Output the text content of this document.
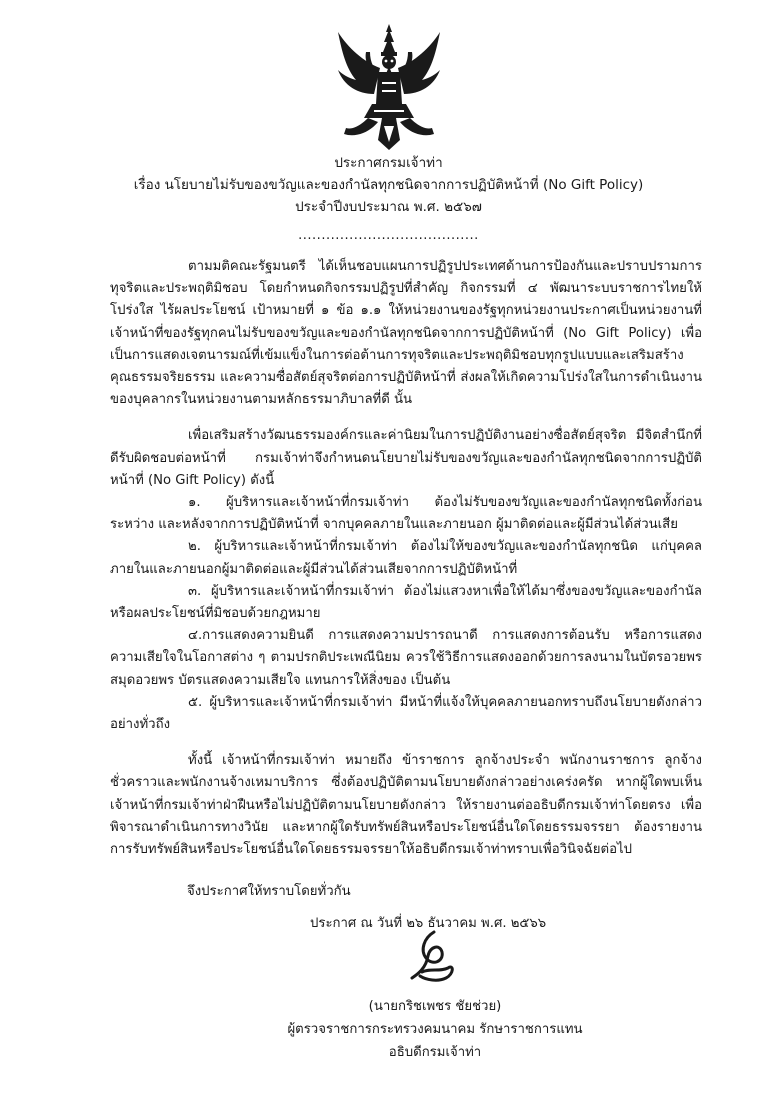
ประกาศกรมเจ้าท่า
เรื่อง นโยบายไม่รับของขวัญและของกำนัลทุกชนิดจากการปฏิบัติหน้าที่ (No Gift Policy)
ประจำปีงบประมาณ พ.ศ. ๒๕๖๗
.......................................

ตามมติคณะรัฐมนตรี ได้เห็นชอบแผนการปฏิรูปประเทศด้านการป้องกันและปราบปรามการทุจริตและประพฤติมิชอบ โดยกำหนดกิจกรรมปฏิรูปที่สำคัญ กิจกรรมที่ ๔ พัฒนาระบบราชการไทยให้โปร่งใส ไร้ผลประโยชน์ เป้าหมายที่ ๑ ข้อ ๑.๑ ให้หน่วยงานของรัฐทุกหน่วยงานประกาศเป็นหน่วยงานที่เจ้าหน้าที่ของรัฐทุกคนไม่รับของขวัญและของกำนัลทุกชนิดจากการปฏิบัติหน้าที่ (No Gift Policy) เพื่อเป็นการแสดงเจตนารมณ์ที่เข้มแข็งในการต่อต้านการทุจริตและประพฤติมิชอบทุกรูปแบบและเสริมสร้างคุณธรรมจริยธรรม และความซื่อสัตย์สุจริตต่อการปฏิบัติหน้าที่ ส่งผลให้เกิดความโปร่งใสในการดำเนินงานของบุคลากรในหน่วยงานตามหลักธรรมาภิบาลที่ดี นั้น

เพื่อเสริมสร้างวัฒนธรรมองค์กรและค่านิยมในการปฏิบัติงานอย่างซื่อสัตย์สุจริต มีจิตสำนึกที่ดีรับผิดชอบต่อหน้าที่ กรมเจ้าท่าจึงกำหนดนโยบายไม่รับของขวัญและของกำนัลทุกชนิดจากการปฏิบัติหน้าที่ (No Gift Policy) ดังนี้

๑. ผู้บริหารและเจ้าหน้าที่กรมเจ้าท่า ต้องไม่รับของขวัญและของกำนัลทุกชนิดทั้งก่อน ระหว่าง และหลังจากการปฏิบัติหน้าที่ จากบุคคลภายในและภายนอก ผู้มาติดต่อและผู้มีส่วนได้ส่วนเสีย

๒. ผู้บริหารและเจ้าหน้าที่กรมเจ้าท่า ต้องไม่ให้ของขวัญและของกำนัลทุกชนิด แก่บุคคลภายในและภายนอกผู้มาติดต่อและผู้มีส่วนได้ส่วนเสียจากการปฏิบัติหน้าที่

๓. ผู้บริหารและเจ้าหน้าที่กรมเจ้าท่า ต้องไม่แสวงหาเพื่อให้ได้มาซึ่งของขวัญและของกำนัลหรือผลประโยชน์ที่มิชอบด้วยกฎหมาย

๔.การแสดงความยินดี การแสดงความปรารถนาดี การแสดงการต้อนรับ หรือการแสดงความเสียใจในโอกาสต่าง ๆ ตามปรกติประเพณีนิยม ควรใช้วิธีการแสดงออกด้วยการลงนามในบัตรอวยพรสมุดอวยพร บัตรแสดงความเสียใจ แทนการให้สิ่งของ เป็นต้น

๕. ผู้บริหารและเจ้าหน้าที่กรมเจ้าท่า มีหน้าที่แจ้งให้บุคคลภายนอกทราบถึงนโยบายดังกล่าวอย่างทั่วถึง

ทั้งนี้ เจ้าหน้าที่กรมเจ้าท่า หมายถึง ข้าราชการ ลูกจ้างประจำ พนักงานราชการ ลูกจ้างชั่วคราวและพนักงานจ้างเหมาบริการ ซึ่งต้องปฏิบัติตามนโยบายดังกล่าวอย่างเคร่งครัด หากผู้ใดพบเห็นเจ้าหน้าที่กรมเจ้าท่าฝ่าฝืนหรือไม่ปฏิบัติตามนโยบายดังกล่าว ให้รายงานต่ออธิบดีกรมเจ้าท่าโดยตรง เพื่อพิจารณาดำเนินการทางวินัย และหากผู้ใดรับทรัพย์สินหรือประโยชน์อื่นใดโดยธรรมจรรยา ต้องรายงานการรับทรัพย์สินหรือประโยชน์อื่นใดโดยธรรมจรรยาให้อธิบดีกรมเจ้าท่าทราบเพื่อวินิจฉัยต่อไป

จึงประกาศให้ทราบโดยทั่วกัน
ประกาศ ณ วันที่ ๒๖ ธันวาคม พ.ศ. ๒๕๖๖
(นายกริชเพชร ชัยช่วย)
ผู้ตรวจราชการกระทรวงคมนาคม รักษาราชการแทน
อธิบดีกรมเจ้าท่า
